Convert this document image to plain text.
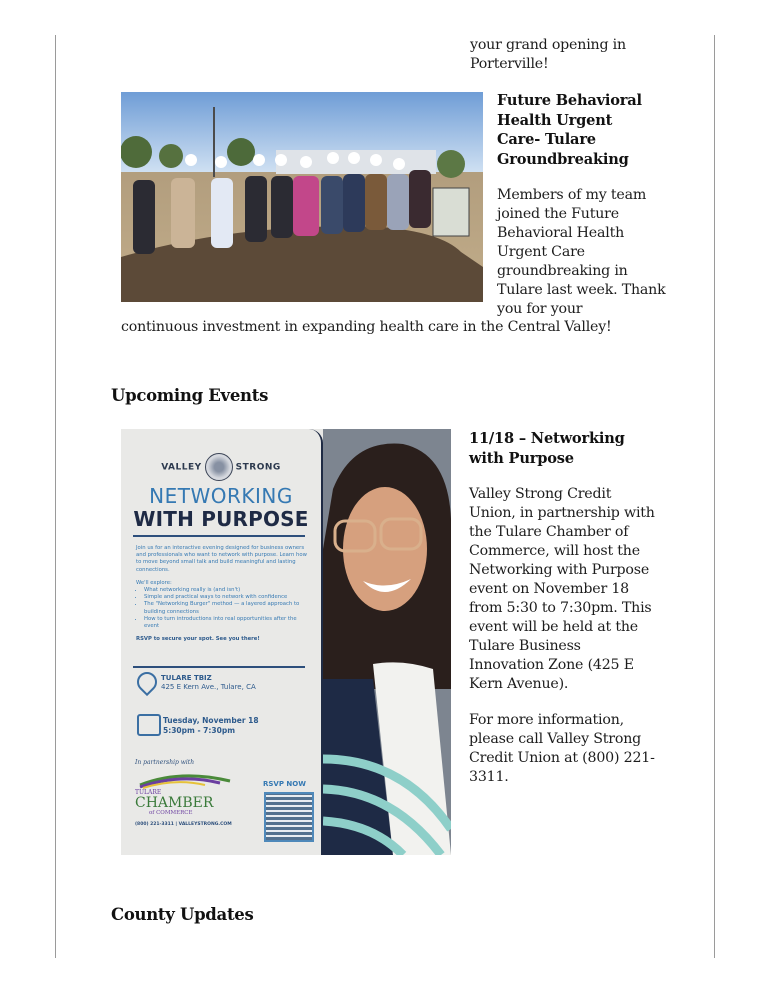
your grand opening in Porterville!
Future Behavioral Health Urgent Care- Tulare Groundbreaking
Members of my team joined the Future Behavioral Health Urgent Care groundbreaking in Tulare last week. Thank you for your
continuous investment in expanding health care in the Central Valley!
Upcoming Events
VALLEY	STRONG
NETWORKING
WITH PURPOSE
Join us for an interactive evening designed for business owners and professionals who want to network with purpose. Learn how to move beyond small talk and build meaningful and lasting connections.
We'll explore:
• What networking really is (and isn't)
• Simple and practical ways to network with confidence
• The "Networking Burger" method — a layered approach to building connections
• How to turn introductions into real opportunities after the event
RSVP to secure your spot. See you there!
TULARE TBIZ
425 E Kern Ave., Tulare, CA
Tuesday, November 18
5:30pm - 7:30pm
In partnership with
TULARE
CHAMBER
of COMMERCE
(800) 221-3311 | VALLEYSTRONG.COM
RSVP NOW
11/18 – Networking with Purpose
Valley Strong Credit Union, in partnership with the Tulare Chamber of Commerce, will host the Networking with Purpose event on November 18 from 5:30 to 7:30pm. This event will be held at the Tulare Business Innovation Zone (425 E Kern Avenue).
For more information, please call Valley Strong Credit Union at (800) 221-3311.
County Updates
